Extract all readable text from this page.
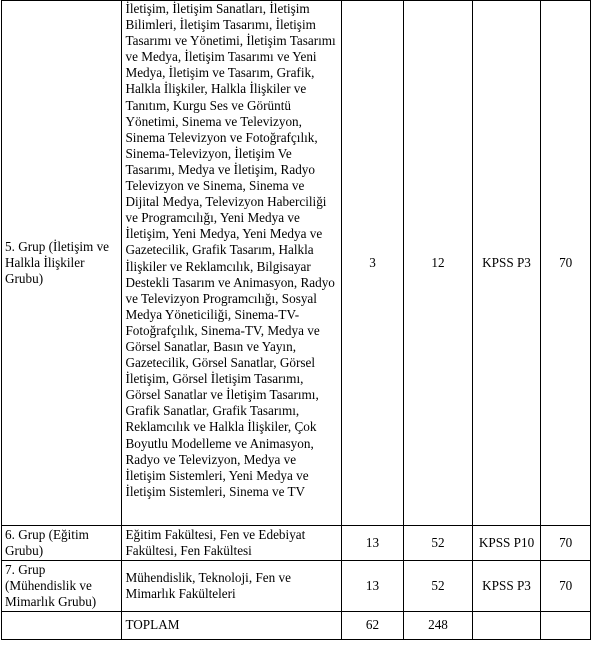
5. Grup (İletişim ve Halkla İlişkiler Grubu)	İletişim, İletişim Sanatları, İletişim Bilimleri, İletişim Tasarımı, İletişim Tasarımı ve Yönetimi, İletişim Tasarımı ve Medya, İletişim Tasarımı ve Yeni Medya, İletişim ve Tasarım, Grafik, Halkla İlişkiler, Halkla İlişkiler ve Tanıtım, Kurgu Ses ve Görüntü Yönetimi, Sinema ve Televizyon, Sinema Televizyon ve Fotoğrafçılık, Sinema-Televizyon, İletişim Ve Tasarımı, Medya ve İletişim, Radyo Televizyon ve Sinema, Sinema ve Dijital Medya, Televizyon Haberciliği ve Programcılığı, Yeni Medya ve İletişim, Yeni Medya, Yeni Medya ve Gazetecilik, Grafik Tasarım, Halkla İlişkiler ve Reklamcılık, Bilgisayar Destekli Tasarım ve Animasyon, Radyo ve Televizyon Programcılığı, Sosyal Medya Yöneticiliği, Sinema-TV-Fotoğrafçılık, Sinema-TV, Medya ve Görsel Sanatlar, Basın ve Yayın, Gazetecilik, Görsel Sanatlar, Görsel İletişim, Görsel İletişim Tasarımı, Görsel Sanatlar ve İletişim Tasarımı, Grafik Sanatlar, Grafik Tasarımı, Reklamcılık ve Halkla İlişkiler, Çok Boyutlu Modelleme ve Animasyon, Radyo ve Televizyon, Medya ve İletişim Sistemleri, Yeni Medya ve İletişim Sistemleri, Sinema ve TV	3	12	KPSS P3	70
6. Grup (Eğitim Grubu)	Eğitim Fakültesi, Fen ve Edebiyat Fakültesi, Fen Fakültesi	13	52	KPSS P10	70
7. Grup (Mühendislik ve Mimarlık Grubu)	Mühendislik, Teknoloji, Fen ve Mimarlık Fakülteleri	13	52	KPSS P3	70
	TOPLAM	62	248		
